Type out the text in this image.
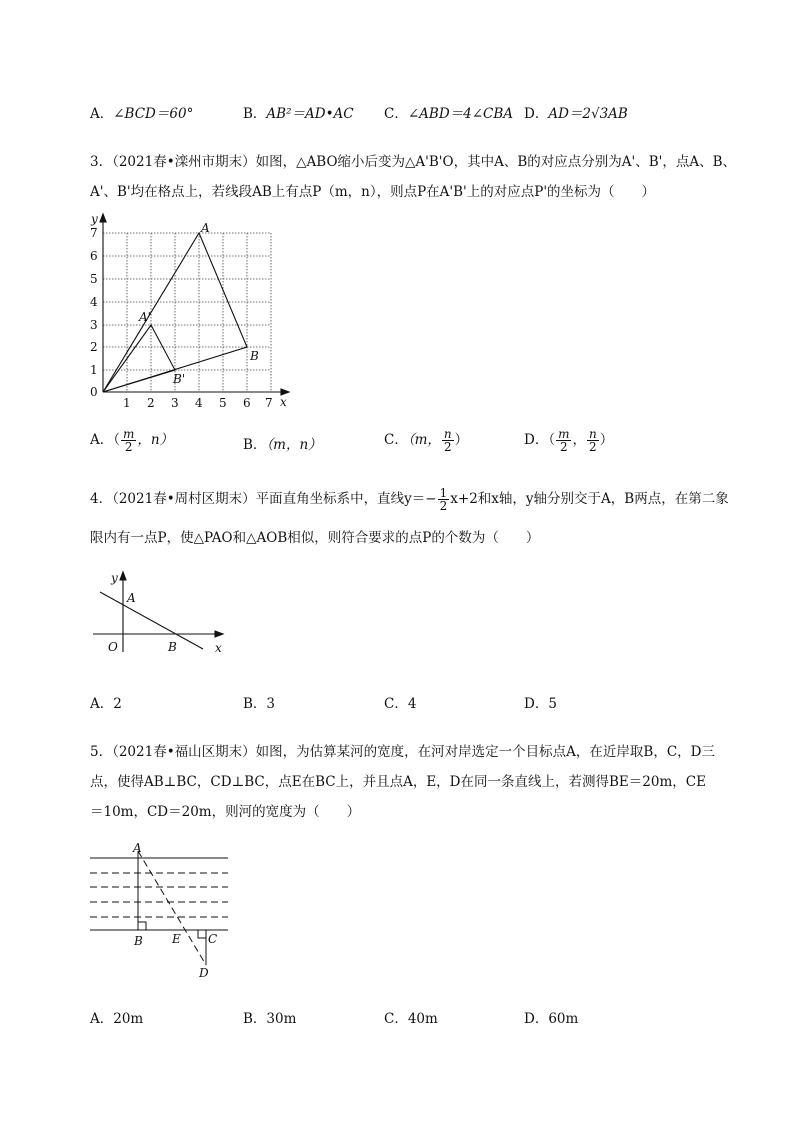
A．∠BCD＝60°	B．AB²＝AD•AC C．∠ABD＝4∠CBA D．AD＝2√3AB
3．（2021春•滦州市期末）如图，△ABO缩小后变为△A'B'O，其中A、B的对应点分别为A'、B'，点A、B、
A'、B'均在格点上，若线段AB上有点P（m，n），则点P在A'B'上的对应点P'的坐标为（　　）
y
x
0
1 2 3 4 5 6 7
1
2
3
4
5
6
7	A
A'
B
B'
A．（ $\frac{m}{2}$ ，n）	B．（m，n）	C．（m， $\frac{n}{2}$ ）	D．（ $\frac{m}{2}$ ， $\frac{n}{2}$ ）
4．（2021春•周村区期末）平面直角坐标系中，直线$y=- \frac{1}{2} x+2$和x轴，y轴分别交于A，B两点，在第二象
限内有一点P，使△PAO和△AOB相似，则符合要求的点P的个数为（　　）
y
x
O
A
B
A．2	B．3	C．4	D．5
5．（2021春•福山区期末）如图，为估算某河的宽度，在河对岸选定一个目标点A，在近岸取B，C，D三
点，使得AB⊥BC，CD⊥BC，点E在BC上，并且点A，E，D在同一条直线上，若测得BE＝20m，CE
＝10m，CD＝20m，则河的宽度为（　　）
A
B E C
D
A．20m	B．30m	C．40m	D．60m
